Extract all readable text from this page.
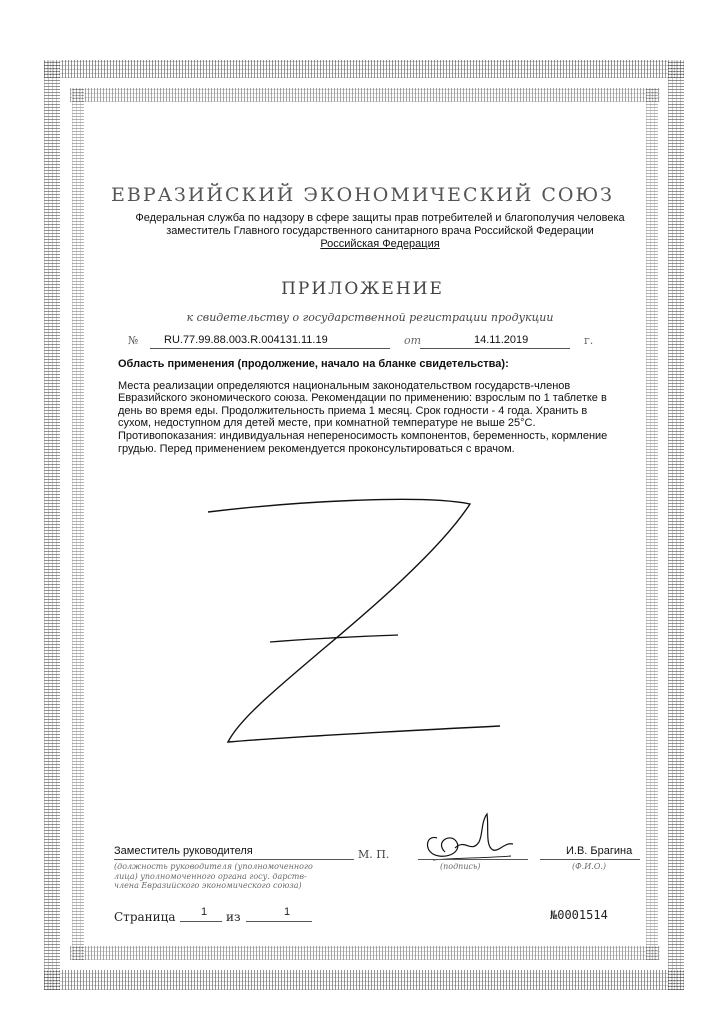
ЕВРАЗИЙСКИЙ ЭКОНОМИЧЕСКИЙ СОЮЗ
Федеральная служба по надзору в сфере защиты прав потребителей и благополучия человека
заместитель Главного государственного санитарного врача Российской Федерации
Российская Федерация
ПРИЛОЖЕНИЕ
к свидетельству о государственной регистрации продукции
№ RU.77.99.88.003.R.004131.11.19	от	14.11.2019	г.
Область применения (продолжение, начало на бланке свидетельства):
Места реализации определяются национальным законодательством государств-членов
Евразийского экономического союза. Рекомендации по применению: взрослым по 1 таблетке в
день во время еды. Продолжительность приема 1 месяц. Срок годности - 4 года. Хранить в
сухом, недоступном для детей месте, при комнатной температуре не выше 25°С.
Противопоказания: индивидуальная непереносимость компонентов, беременность, кормление
грудью. Перед применением рекомендуется проконсультироваться с врачом.
Заместитель руководителя	М. П.	И.В. Брагина
(должность руководителя (уполномоченного
лица) уполномоченного органа госу. дарств-
члена Евразийского экономического союза)
(подпись)	(Ф.И.О.)
Страница 1 из	1	№0001514
